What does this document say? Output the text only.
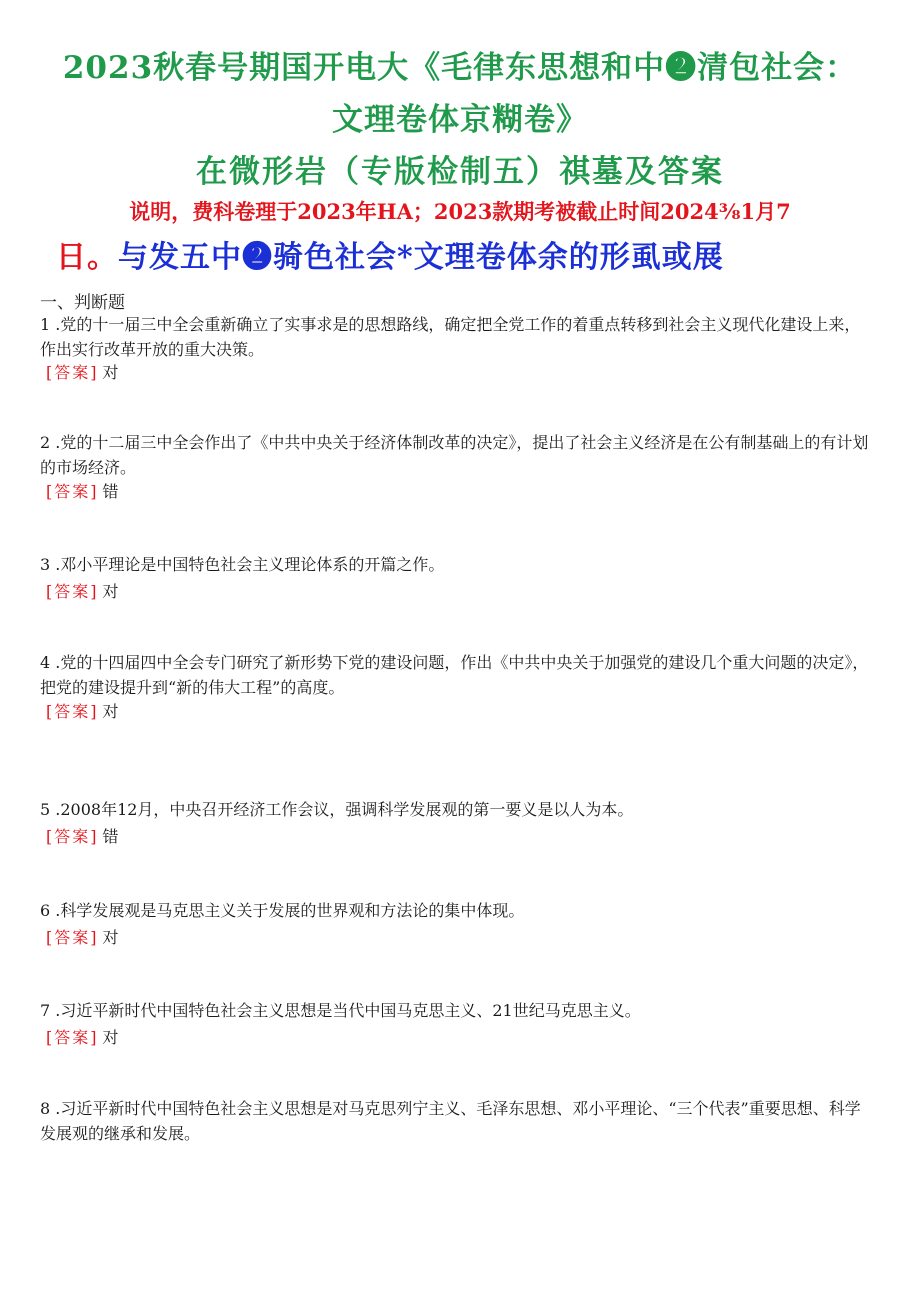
2023秋春号期国开电大《毛律东思想和中❷清包社会：
文理卷体京糊卷》
在微形岩（专版检制五）祺墓及答案
说明，费科卷理于2023年HA；2023款期考被截止时间2024⅜1月7
日。与发五中❷骑色社会*文理卷体余的形虱或展
一、判断题
1 .党的十一届三中全会重新确立了实事求是的思想路线，确定把全党工作的着重点转移到社会主义现代化建设上来，作出实行改革开放的重大决策。
[答案] 对
2 .党的十二届三中全会作出了《中共中央关于经济体制改革的决定》，提出了社会主义经济是在公有制基础上的有计划的市场经济。
[答案] 错
3 .邓小平理论是中国特色社会主义理论体系的开篇之作。
[答案] 对
4 .党的十四届四中全会专门研究了新形势下党的建设问题，作出《中共中央关于加强党的建设几个重大问题的决定》，把党的建设提升到“新的伟大工程”的高度。
[答案] 对
5 .2008年12月，中央召开经济工作会议，强调科学发展观的第一要义是以人为本。
[答案] 错
6 .科学发展观是马克思主义关于发展的世界观和方法论的集中体现。
[答案] 对
7 .习近平新时代中国特色社会主义思想是当代中国马克思主义、21世纪马克思主义。
[答案] 对
8 .习近平新时代中国特色社会主义思想是对马克思列宁主义、毛泽东思想、邓小平理论、“三个代表”重要思想、科学发展观的继承和发展。
